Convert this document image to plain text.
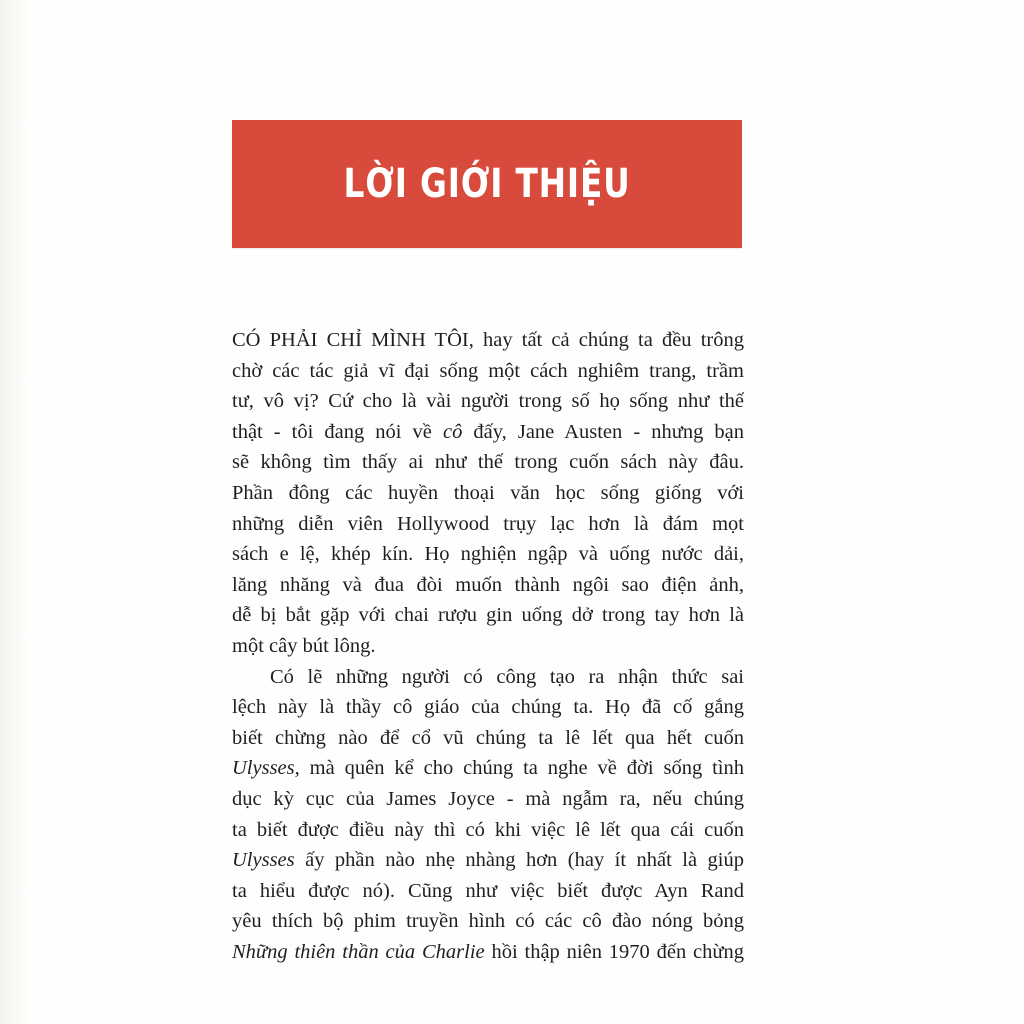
LỜI GIỚI THIỆU
CÓ PHẢI CHỈ MÌNH TÔI, hay tất cả chúng ta đều trông
chờ các tác giả vĩ đại sống một cách nghiêm trang, trầm
tư, vô vị? Cứ cho là vài người trong số họ sống như thế
thật - tôi đang nói về cô đấy, Jane Austen - nhưng bạn
sẽ không tìm thấy ai như thế trong cuốn sách này đâu.
Phần đông các huyền thoại văn học sống giống với
những diễn viên Hollywood trụy lạc hơn là đám mọt
sách e lệ, khép kín. Họ nghiện ngập và uống nước dải,
lăng nhăng và đua đòi muốn thành ngôi sao điện ảnh,
dễ bị bắt gặp với chai rượu gin uống dở trong tay hơn là
một cây bút lông.
Có lẽ những người có công tạo ra nhận thức sai
lệch này là thầy cô giáo của chúng ta. Họ đã cố gắng
biết chừng nào để cổ vũ chúng ta lê lết qua hết cuốn
Ulysses, mà quên kể cho chúng ta nghe về đời sống tình
dục kỳ cục của James Joyce - mà ngẫm ra, nếu chúng
ta biết được điều này thì có khi việc lê lết qua cái cuốn
Ulysses ấy phần nào nhẹ nhàng hơn (hay ít nhất là giúp
ta hiểu được nó). Cũng như việc biết được Ayn Rand
yêu thích bộ phim truyền hình có các cô đào nóng bỏng
Những thiên thần của Charlie hồi thập niên 1970 đến chừng
